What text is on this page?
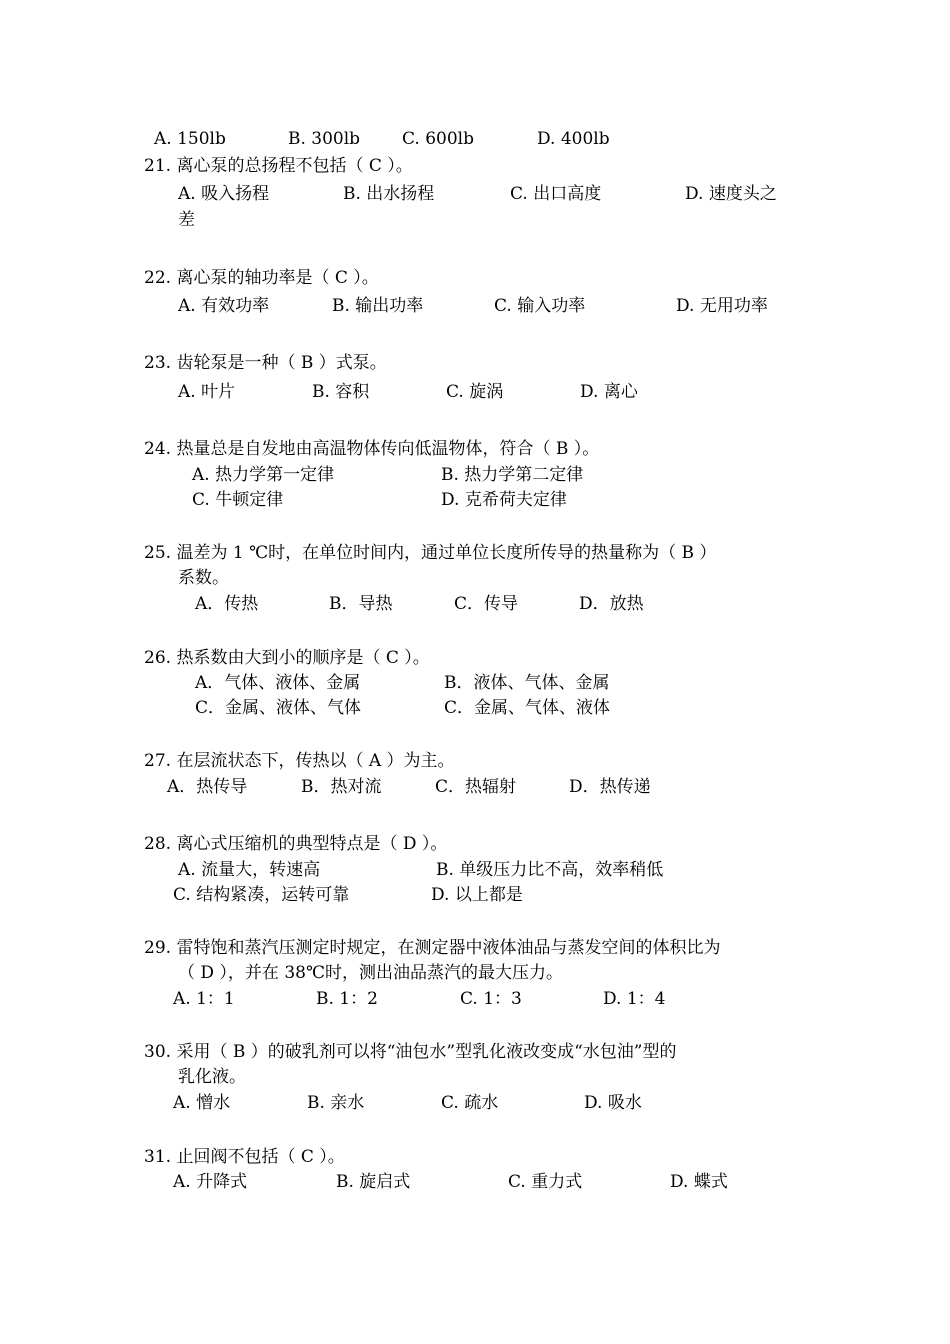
A. 150lb	B. 300lb C. 600lb	D. 400lb
21. 离心泵的总扬程不包括（ C ）。
A. 吸入扬程	B. 出水扬程	C. 出口高度	D. 速度头之
差
22. 离心泵的轴功率是（ C ）。
A. 有效功率	B. 输出功率	C. 输入功率	D. 无用功率
23. 齿轮泵是一种（ B ）式泵。
A. 叶片	B. 容积	C. 旋涡	D. 离心
24. 热量总是自发地由高温物体传向低温物体，符合（ B ）。
A. 热力学第一定律	B. 热力学第二定律
C. 牛顿定律	D. 克希荷夫定律
25. 温差为 1 ℃时，在单位时间内，通过单位长度所传导的热量称为（ B ）
系数。
A．传热	B．导热	C．传导	D．放热
26. 热系数由大到小的顺序是（ C ）。
A．气体、液体、金属	B．液体、气体、金属
C．金属、液体、气体	C．金属、气体、液体
27. 在层流状态下，传热以（ A ）为主。
A．热传导	B．热对流	C．热辐射	D．热传递
28. 离心式压缩机的典型特点是（ D ）。
A. 流量大，转速高	B. 单级压力比不高，效率稍低
C. 结构紧凑，运转可靠	D. 以上都是
29. 雷特饱和蒸汽压测定时规定，在测定器中液体油品与蒸发空间的体积比为
（ D ），并在 38℃时，测出油品蒸汽的最大压力。
A. 1：1	B. 1：2	C. 1：3	D. 1：4
30. 采用（ B ）的破乳剂可以将“油包水”型乳化液改变成“水包油”型的
乳化液。
A. 憎水	B. 亲水	C. 疏水	D. 吸水
31. 止回阀不包括（ C ）。
A. 升降式	B. 旋启式	C. 重力式	D. 蝶式
